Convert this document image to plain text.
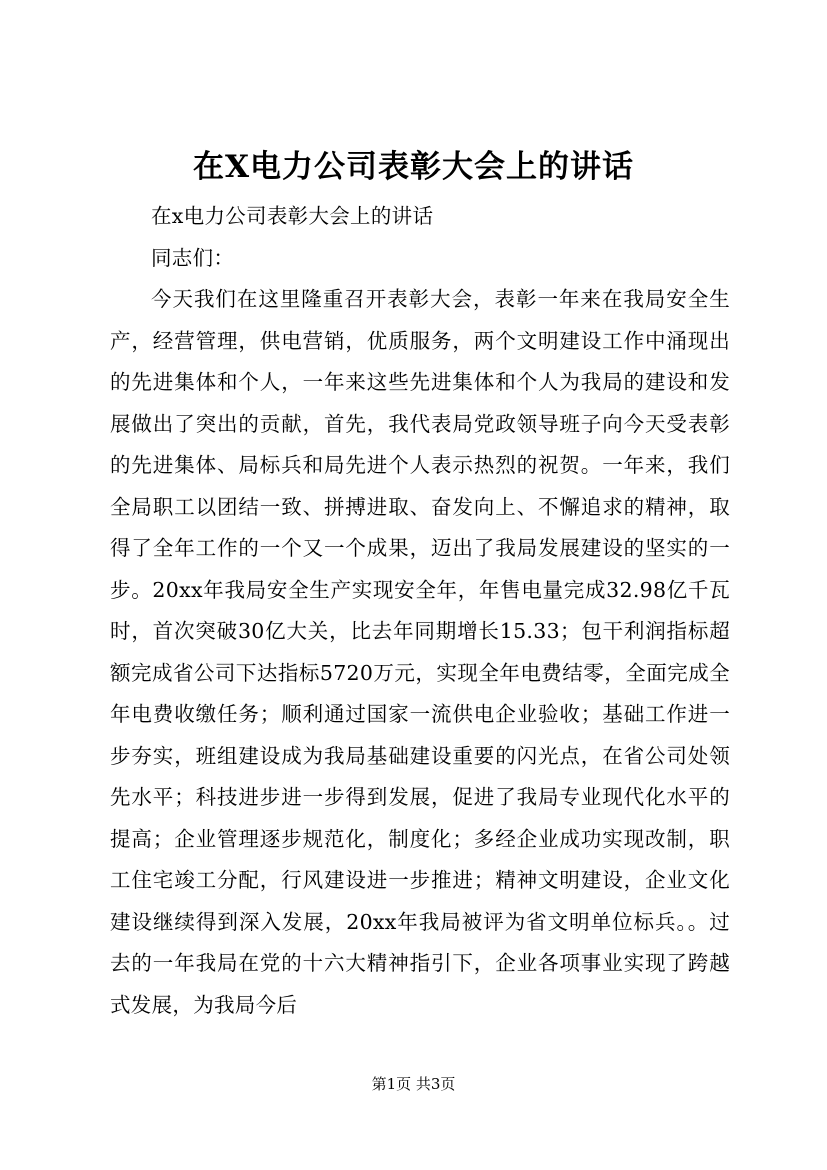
在X电力公司表彰大会上的讲话

在x电力公司表彰大会上的讲话

同志们：

今天我们在这里隆重召开表彰大会，表彰一年来在我局安全生产，经营管理，供电营销，优质服务，两个文明建设工作中涌现出的先进集体和个人，一年来这些先进集体和个人为我局的建设和发展做出了突出的贡献，首先，我代表局党政领导班子向今天受表彰的先进集体、局标兵和局先进个人表示热烈的祝贺。一年来，我们全局职工以团结一致、拼搏进取、奋发向上、不懈追求的精神，取得了全年工作的一个又一个成果，迈出了我局发展建设的坚实的一步。20xx年我局安全生产实现安全年，年售电量完成32.98亿千瓦时，首次突破30亿大关，比去年同期增长15.33；包干利润指标超额完成省公司下达指标5720万元，实现全年电费结零，全面完成全年电费收缴任务；顺利通过国家一流供电企业验收；基础工作进一步夯实，班组建设成为我局基础建设重要的闪光点，在省公司处领先水平；科技进步进一步得到发展，促进了我局专业现代化水平的提高；企业管理逐步规范化，制度化；多经企业成功实现改制，职工住宅竣工分配，行风建设进一步推进；精神文明建设，企业文化建设继续得到深入发展，20xx年我局被评为省文明单位标兵。。过去的一年我局在党的十六大精神指引下，企业各项事业实现了跨越式发展，为我局今后

第1页 共3页
